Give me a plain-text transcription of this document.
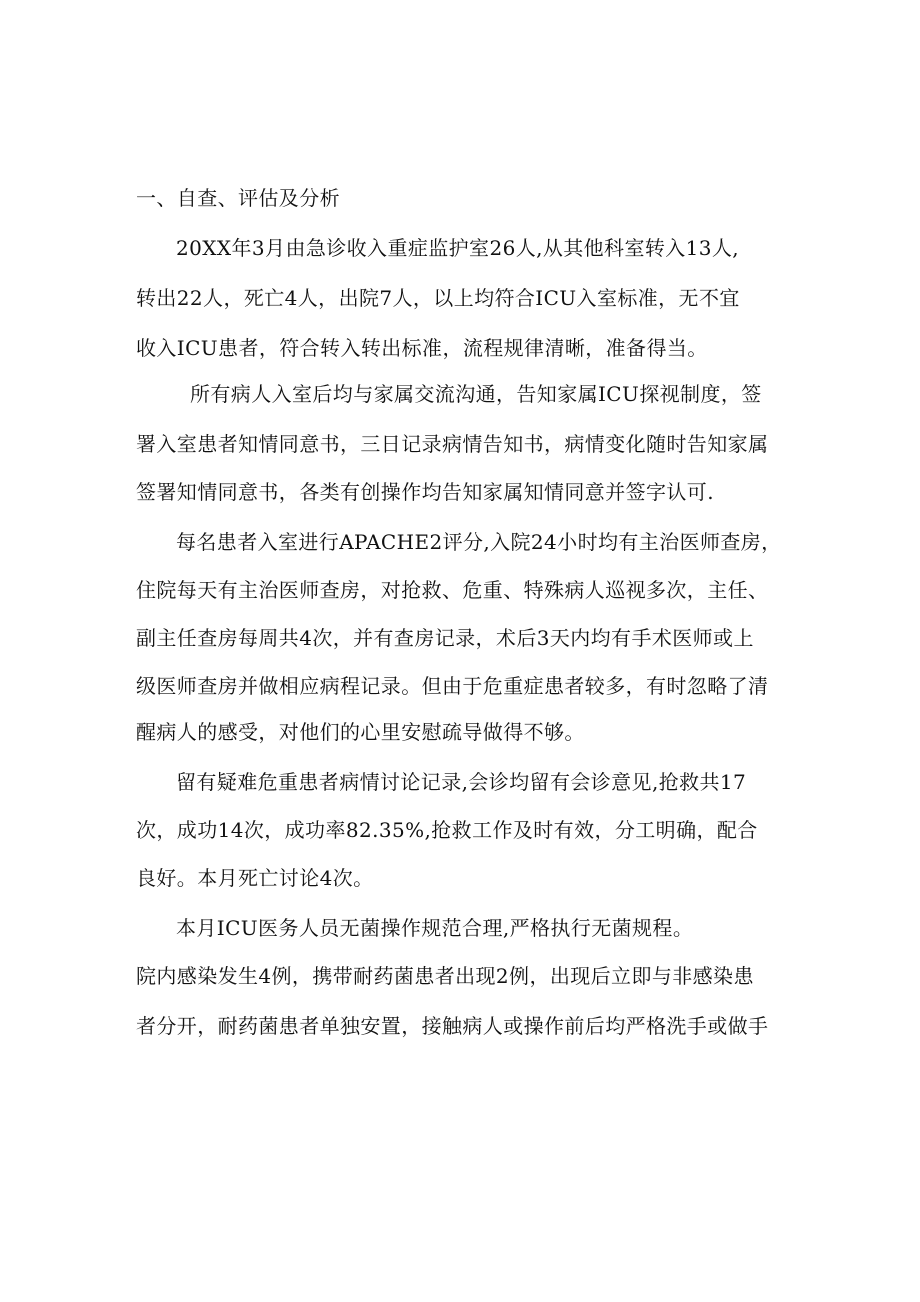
一、自查、评估及分析
20XX年3月由急诊收入重症监护室26人,从其他科室转入13人,
转出22人，死亡4人，出院7人，以上均符合ICU入室标准，无不宜
收入ICU患者，符合转入转出标准，流程规律清晰，准备得当。
所有病人入室后均与家属交流沟通，告知家属ICU探视制度，签
署入室患者知情同意书，三日记录病情告知书，病情变化随时告知家属
签署知情同意书，各类有创操作均告知家属知情同意并签字认可.
每名患者入室进行APACHE2评分,入院24小时均有主治医师查房，
住院每天有主治医师查房，对抢救、危重、特殊病人巡视多次，主任、
副主任查房每周共4次，并有查房记录，术后3天内均有手术医师或上
级医师查房并做相应病程记录。但由于危重症患者较多，有时忽略了清
醒病人的感受，对他们的心里安慰疏导做得不够。
留有疑难危重患者病情讨论记录,会诊均留有会诊意见,抢救共17
次，成功14次，成功率82.35%,抢救工作及时有效，分工明确，配合
良好。本月死亡讨论4次。
本月ICU医务人员无菌操作规范合理,严格执行无菌规程。
院内感染发生4例，携带耐药菌患者出现2例，出现后立即与非感染患
者分开，耐药菌患者单独安置，接触病人或操作前后均严格洗手或做手
